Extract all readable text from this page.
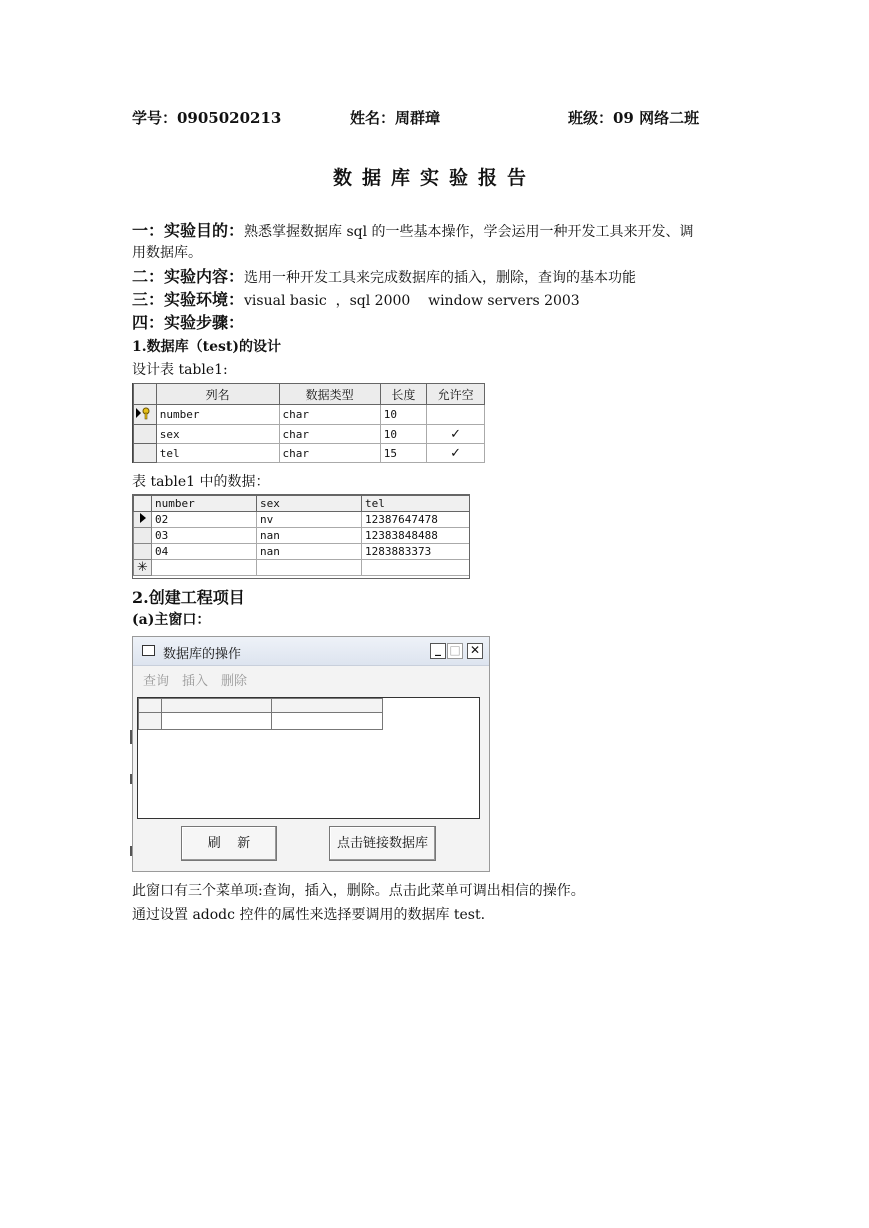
学号：0905020213	姓名：周群璋	班级：09 网络二班
数据库实验报告
一：实验目的：熟悉掌握数据库 sql 的一些基本操作，学会运用一种开发工具来开发、调
用数据库。
二：实验内容：选用一种开发工具来完成数据库的插入，删除，查询的基本功能
三：实验环境：visual basic  ，sql 2000    window servers 2003
四：实验步骤：
1.数据库（test)的设计
设计表 table1:
	列名	数据类型	长度	允许空
	number	char	10	
	sex	char	10	✓
	tel	char	15	✓

表 table1 中的数据：
	number	sex	tel
	02	nv	12387647478
	03	nan	12383848488
	04	nan	1283883373
✳			
2.创建工程项目
(a)主窗口：
数据库的操作	_ □ ✕
查询 插入 删除
刷    新	点击链接数据库
此窗口有三个菜单项:查询，插入，删除。点击此菜单可调出相信的操作。
通过设置 adodc 控件的属性来选择要调用的数据库 test.
